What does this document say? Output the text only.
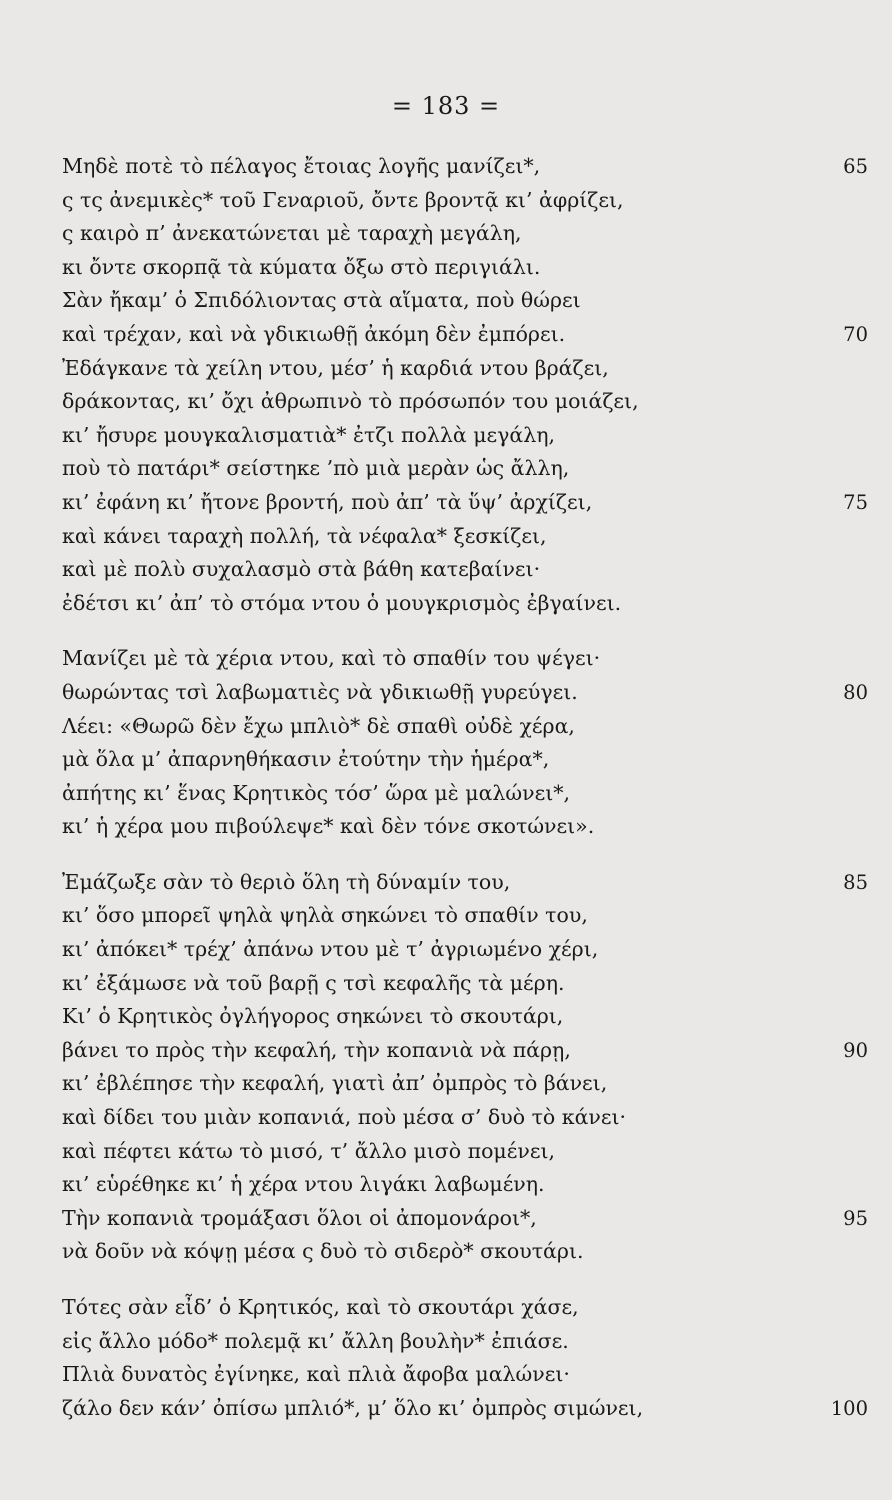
= 183 =
Μηδὲ ποτὲ τὸ πέλαγος ἔτοιας λογῆς μανίζει*,	65
ς τς ἀνεμικὲς* τοῦ Γεναριοῦ, ὄντε βροντᾷ κι’ ἀφρίζει,
ς καιρὸ π’ ἀνεκατώνεται μὲ ταραχὴ μεγάλη,
κι ὄντε σκορπᾷ τὰ κύματα ὄξω στὸ περιγιάλι.
Σὰν ἤκαμ’ ὁ Σπιδόλιοντας στὰ αἵματα, ποὺ θώρει
καὶ τρέχαν, καὶ νὰ γδικιωθῇ ἀκόμη δὲν ἐμπόρει.	70
Ἐδάγκανε τὰ χείλη ντου, μέσ’ ἡ καρδιά ντου βράζει,
δράκοντας, κι’ ὄχι ἀθρωπινὸ τὸ πρόσωπόν του μοιάζει,
κι’ ἤσυρε μουγκαλισματιὰ* ἐτζι πολλὰ μεγάλη,
ποὺ τὸ πατάρι* σείστηκε ’πὸ μιὰ μερὰν ὡς ἄλλη,
κι’ ἐφάνη κι’ ἤτονε βροντή, ποὺ ἀπ’ τὰ ὕψ’ ἀρχίζει,	75
καὶ κάνει ταραχὴ πολλή, τὰ νέφαλα* ξεσκίζει,
καὶ μὲ πολὺ συχαλασμὸ στὰ βάθη κατεβαίνει·
ἐδέτσι κι’ ἀπ’ τὸ στόμα ντου ὁ μουγκρισμὸς ἐβγαίνει.
Μανίζει μὲ τὰ χέρια ντου, καὶ τὸ σπαθίν του ψέγει·
θωρώντας τσὶ λαβωματιὲς νὰ γδικιωθῇ γυρεύγει.	80
Λέει: «Θωρῶ δὲν ἔχω μπλιὸ* δὲ σπαθὶ οὐδὲ χέρα,
μὰ ὅλα μ’ ἀπαρνηθήκασιν ἐτούτην τὴν ἡμέρα*,
ἀπήτης κι’ ἕνας Κρητικὸς τόσ’ ὥρα μὲ μαλώνει*,
κι’ ἡ χέρα μου πιβούλεψε* καὶ δὲν τόνε σκοτώνει».
Ἐμάζωξε σὰν τὸ θεριὸ ὅλη τὴ δύναμίν του,	85
κι’ ὅσο μπορεῖ ψηλὰ ψηλὰ σηκώνει τὸ σπαθίν του,
κι’ ἀπόκει* τρέχ’ ἀπάνω ντου μὲ τ’ ἀγριωμένο χέρι,
κι’ ἐξάμωσε νὰ τοῦ βαρῇ ς τσὶ κεφαλῆς τὰ μέρη.
Κι’ ὁ Κρητικὸς ὀγλήγορος σηκώνει τὸ σκουτάρι,
βάνει το πρὸς τὴν κεφαλή, τὴν κοπανιὰ νὰ πάρῃ,	90
κι’ ἐβλέπησε τὴν κεφαλή, γιατὶ ἀπ’ ὀμπρὸς τὸ βάνει,
καὶ δίδει του μιὰν κοπανιά, ποὺ μέσα σ’ δυὸ τὸ κάνει·
καὶ πέφτει κάτω τὸ μισό, τ’ ἄλλο μισὸ πομένει,
κι’ εὑρέθηκε κι’ ἡ χέρα ντου λιγάκι λαβωμένη.
Τὴν κοπανιὰ τρομάξασι ὅλοι οἱ ἀπομονάροι*,	95
νὰ δοῦν νὰ κόψῃ μέσα ς δυὸ τὸ σιδερὸ* σκουτάρι.
Τότες σὰν εἶδ’ ὁ Κρητικός, καὶ τὸ σκουτάρι χάσε,
εἰς ἄλλο μόδο* πολεμᾷ κι’ ἄλλη βουλὴν* ἐπιάσε.
Πλιὰ δυνατὸς ἐγίνηκε, καὶ πλιὰ ἄφοβα μαλώνει·
ζάλο δεν κάν’ ὀπίσω μπλιό*, μ’ ὅλο κι’ ὀμπρὸς σιμώνει,	100
